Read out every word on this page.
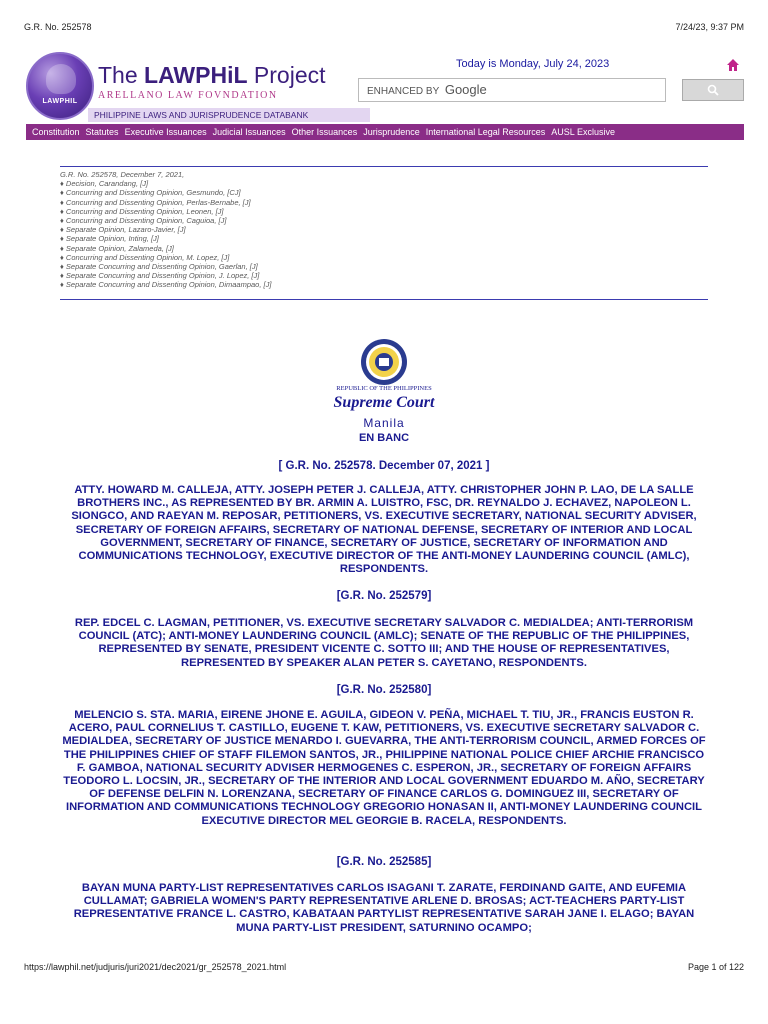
G.R. No. 252578	7/24/23, 9:37 PM
LAWPHIL
The LAWPHiL Project
ARELLANO LAW FOVNDATION
PHILIPPINE LAWS AND JURISPRUDENCE DATABANK
Today is Monday, July 24, 2023
ENHANCED BY Google
Constitution Statutes Executive Issuances Judicial Issuances Other Issuances Jurisprudence International Legal Resources AUSL Exclusive
G.R. No. 252578, December 7, 2021,
♦ Decision, Carandang, [J]
♦ Concurring and Dissenting Opinion, Gesmundo, [CJ]
♦ Concurring and Dissenting Opinion, Perlas-Bernabe, [J]
♦ Concurring and Dissenting Opinion, Leonen, [J]
♦ Concurring and Dissenting Opinion, Caguioa, [J]
♦ Separate Opinion, Lazaro-Javier, [J]
♦ Separate Opinion, Inting, [J]
♦ Separate Opinion, Zalameda, [J]
♦ Concurring and Dissenting Opinion, M. Lopez, [J]
♦ Separate Concurring and Dissenting Opinion, Gaerlan, [J]
♦ Separate Concurring and Dissenting Opinion, J. Lopez, [J]
♦ Separate Concurring and Dissenting Opinion, Dimaampao, [J]
REPUBLIC OF THE PHILIPPINES
Supreme Court
Manila
EN BANC
[ G.R. No. 252578. December 07, 2021 ]
ATTY. HOWARD M. CALLEJA, ATTY. JOSEPH PETER J. CALLEJA, ATTY. CHRISTOPHER JOHN P. LAO, DE LA SALLE BROTHERS INC., AS REPRESENTED BY BR. ARMIN A. LUISTRO, FSC, DR. REYNALDO J. ECHAVEZ, NAPOLEON L. SIONGCO, AND RAEYAN M. REPOSAR, PETITIONERS, VS. EXECUTIVE SECRETARY, NATIONAL SECURITY ADVISER, SECRETARY OF FOREIGN AFFAIRS, SECRETARY OF NATIONAL DEFENSE, SECRETARY OF INTERIOR AND LOCAL GOVERNMENT, SECRETARY OF FINANCE, SECRETARY OF JUSTICE, SECRETARY OF INFORMATION AND COMMUNICATIONS TECHNOLOGY, EXECUTIVE DIRECTOR OF THE ANTI-MONEY LAUNDERING COUNCIL (AMLC), RESPONDENTS.
[G.R. No. 252579]
REP. EDCEL C. LAGMAN, PETITIONER, VS. EXECUTIVE SECRETARY SALVADOR C. MEDIALDEA; ANTI-TERRORISM COUNCIL (ATC); ANTI-MONEY LAUNDERING COUNCIL (AMLC); SENATE OF THE REPUBLIC OF THE PHILIPPINES, REPRESENTED BY SENATE, PRESIDENT VICENTE C. SOTTO III; AND THE HOUSE OF REPRESENTATIVES, REPRESENTED BY SPEAKER ALAN PETER S. CAYETANO, RESPONDENTS.
[G.R. No. 252580]
MELENCIO S. STA. MARIA, EIRENE JHONE E. AGUILA, GIDEON V. PEÑA, MICHAEL T. TIU, JR., FRANCIS EUSTON R. ACERO, PAUL CORNELIUS T. CASTILLO, EUGENE T. KAW, PETITIONERS, VS. EXECUTIVE SECRETARY SALVADOR C. MEDIALDEA, SECRETARY OF JUSTICE MENARDO I. GUEVARRA, THE ANTI-TERRORISM COUNCIL, ARMED FORCES OF THE PHILIPPINES CHIEF OF STAFF FILEMON SANTOS, JR., PHILIPPINE NATIONAL POLICE CHIEF ARCHIE FRANCISCO F. GAMBOA, NATIONAL SECURITY ADVISER HERMOGENES C. ESPERON, JR., SECRETARY OF FOREIGN AFFAIRS TEODORO L. LOCSIN, JR., SECRETARY OF THE INTERIOR AND LOCAL GOVERNMENT EDUARDO M. AÑO, SECRETARY OF DEFENSE DELFIN N. LORENZANA, SECRETARY OF FINANCE CARLOS G. DOMINGUEZ III, SECRETARY OF INFORMATION AND COMMUNICATIONS TECHNOLOGY GREGORIO HONASAN II, ANTI-MONEY LAUNDERING COUNCIL EXECUTIVE DIRECTOR MEL GEORGIE B. RACELA, RESPONDENTS.
[G.R. No. 252585]
BAYAN MUNA PARTY-LIST REPRESENTATIVES CARLOS ISAGANI T. ZARATE, FERDINAND GAITE, AND EUFEMIA CULLAMAT; GABRIELA WOMEN'S PARTY REPRESENTATIVE ARLENE D. BROSAS; ACT-TEACHERS PARTY-LIST REPRESENTATIVE FRANCE L. CASTRO, KABATAAN PARTYLIST REPRESENTATIVE SARAH JANE I. ELAGO; BAYAN MUNA PARTY-LIST PRESIDENT, SATURNINO OCAMPO;
https://lawphil.net/judjuris/juri2021/dec2021/gr_252578_2021.html	Page 1 of 122
